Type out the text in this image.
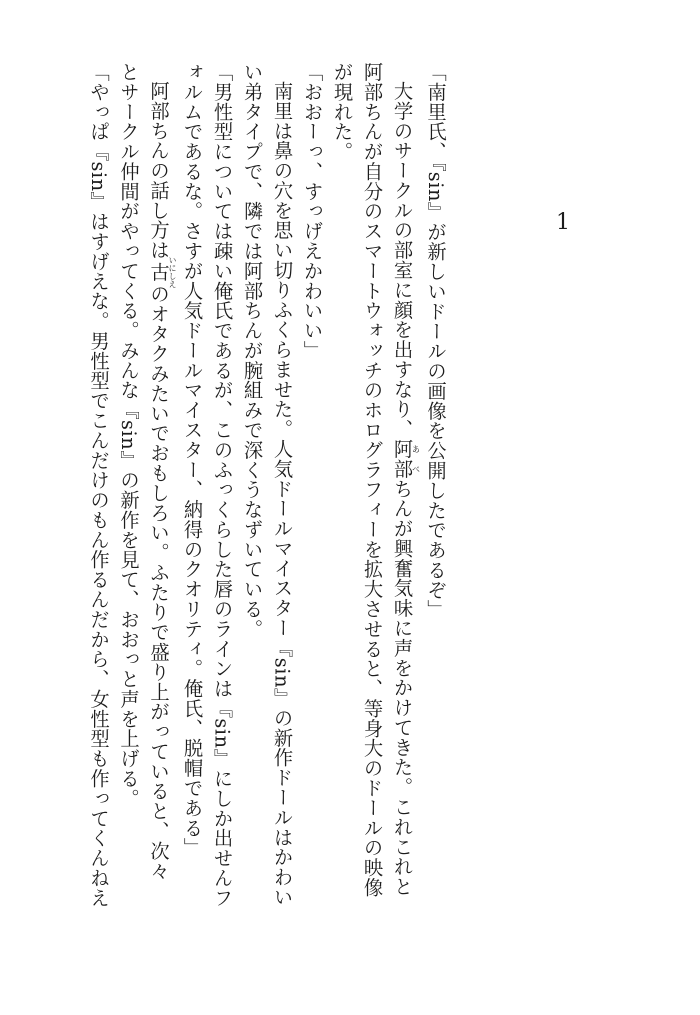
1
「南里氏、『sin』が新しいドールの画像を公開したであるぞ」
大学のサークルの部室に顔を出すなり、阿部あべちんが興奮気味に声をかけてきた。これこれと
阿部ちんが自分のスマートウォッチのホログラフィーを拡大させると、等身大のドールの映像
が現れた。
「おおーっ、すっげえかわいい」
南里は鼻の穴を思い切りふくらませた。人気ドールマイスター『sin』の新作ドールはかわい
い弟タイプで、隣では阿部ちんが腕組みで深くうなずいている。
「男性型については疎い俺氏であるが、このふっくらした唇のラインは『sin』にしか出せんフ
ォルムであるな。さすが人気ドールマイスター、納得のクオリティ。俺氏、脱帽である」
阿部ちんの話し方は古いにしえのオタクみたいでおもしろい。ふたりで盛り上がっていると、次々
とサークル仲間がやってくる。みんな『sin』の新作を見て、おおっと声を上げる。
「やっぱ『sin』はすげえな。男性型でこんだけのもん作るんだから、女性型も作ってくんねえ
